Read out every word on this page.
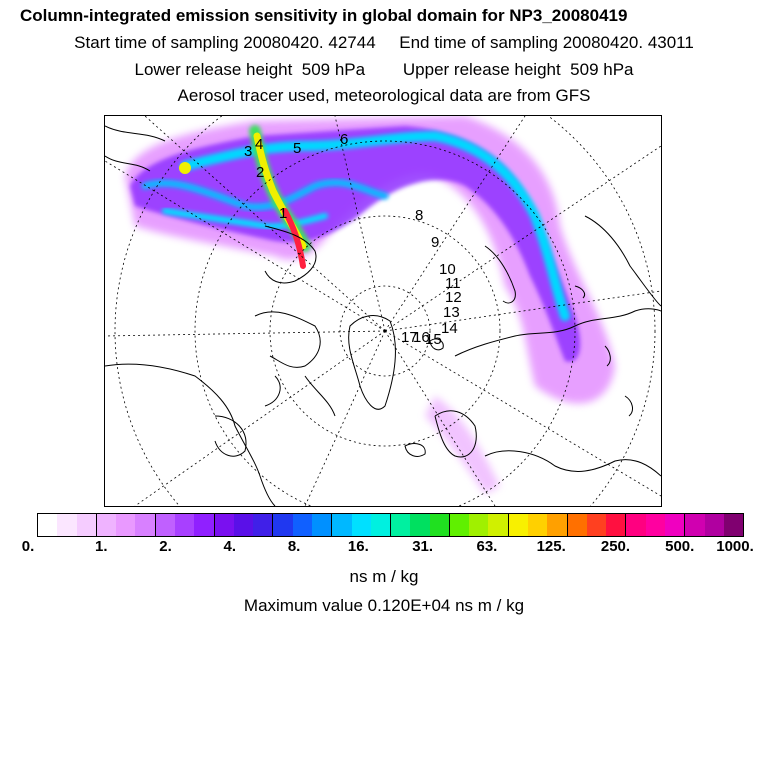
Column-integrated emission sensitivity in global domain for NP3_20080419
Start time of sampling 20080420. 42744     End time of sampling 20080420. 43011
Lower release height  509 hPa        Upper release height  509 hPa
Aerosol tracer used, meteorological data are from GFS
4
3	5
6
2
1	8
9
10
11
12
13
14
15
16
17
0.	1.	2.	4.	8.	16.	31.	63.	125. 250. 500. 1000.
ns m / kg
Maximum value 0.120E+04 ns m / kg
